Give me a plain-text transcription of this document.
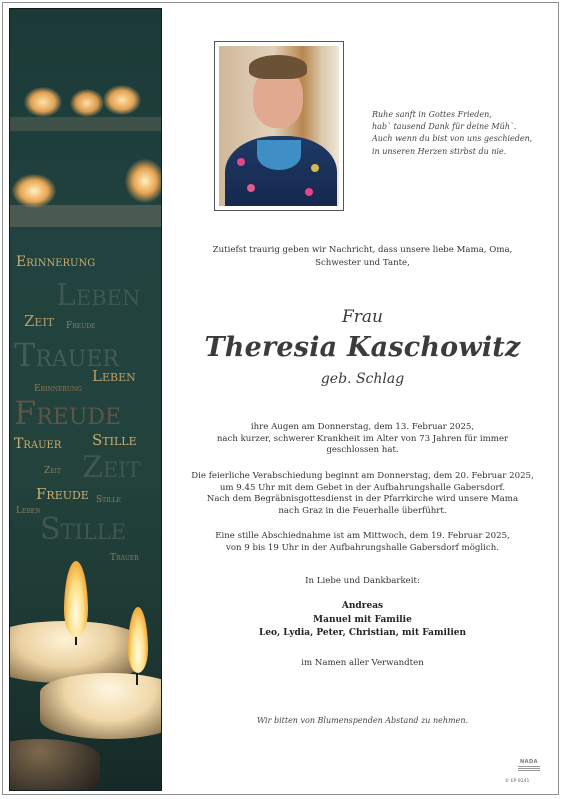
Erinnerung
Leben
Zeit Freude
Trauer
Leben
Erinnerung
Freude
Trauer Stille
Zeit Zeit
Freude Stille
Leben
Stille
Trauer
Ruhe sanft in Gottes Frieden,
hab` tausend Dank für deine Müh`.
Auch wenn du bist von uns geschieden,
in unseren Herzen stirbst du nie.
Zutiefst traurig geben wir Nachricht, dass unsere liebe Mama, Oma,
Schwester und Tante,
Frau
Theresia Kaschowitz
geb. Schlag
ihre Augen am Donnerstag, dem 13. Februar 2025,
nach kurzer, schwerer Krankheit im Alter von 73 Jahren für immer
geschlossen hat.
Die feierliche Verabschiedung beginnt am Donnerstag, dem 20. Februar 2025,
um 9.45 Uhr mit dem Gebet in der Aufbahrungshalle Gabersdorf.
Nach dem Begräbnisgottesdienst in der Pfarrkirche wird unsere Mama
nach Graz in die Feuerhalle überführt.
Eine stille Abschiednahme ist am Mittwoch, dem 19. Februar 2025,
von 9 bis 19 Uhr in der Aufbahrungshalle Gabersdorf möglich.
In Liebe und Dankbarkeit:
Andreas
Manuel mit Familie
Leo, Lydia, Peter, Christian, mit Familien
im Namen aller Verwandten
Wir bitten von Blumenspenden Abstand zu nehmen.
NADA
© EP 9241
